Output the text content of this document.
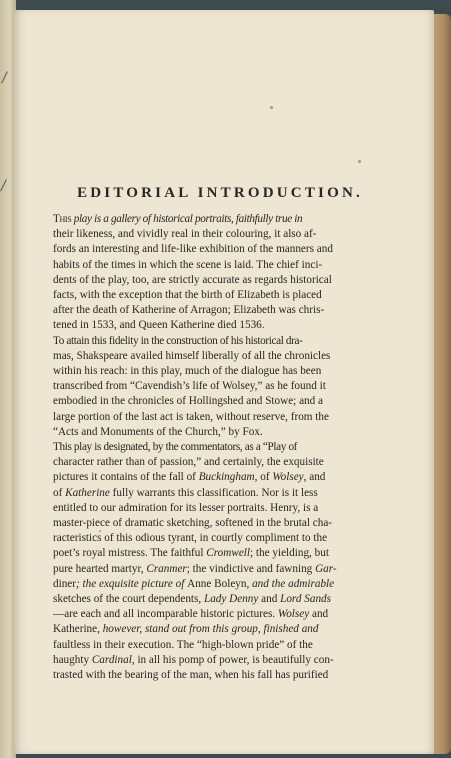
/
/	EDITORIAL INTRODUCTION.

This play is a gallery of historical portraits, faithfully true in
their likeness, and vividly real in their colouring, it also af-
fords an interesting and life-like exhibition of the manners and
habits of the times in which the scene is laid. The chief inci-
dents of the play, too, are strictly accurate as regards historical
facts, with the exception that the birth of Elizabeth is placed
after the death of Katherine of Arragon; Elizabeth was chris-
tened in 1533, and Queen Katherine died 1536.

To attain this fidelity in the construction of his historical dra-
mas, Shakspeare availed himself liberally of all the chronicles
within his reach: in this play, much of the dialogue has been
transcribed from “Cavendish’s life of Wolsey,” as he found it
embodied in the chronicles of Hollingshed and Stowe; and a
large portion of the last act is taken, without reserve, from the
“Acts and Monuments of the Church,” by Fox.

This play is designated, by the commentators, as a “Play of
character rather than of passion,” and certainly, the exquisite
pictures it contains of the fall of Buckingham, of Wolsey, and
of Katherine fully warrants this classification. Nor is it less
entitled to our admiration for its lesser portraits. Henry, is a
master-piece of dramatic sketching, softened in the brutal cha-
racteristics of this odious tyrant, in courtly compliment to the
poet’s royal mistress. The faithful Cromwell; the yielding, but
pure hearted martyr, Cranmer; the vindictive and fawning Gar-
diner; the exquisite picture of Anne Boleyn, and the admirable
sketches of the court dependents, Lady Denny and Lord Sands
—are each and all incomparable historic pictures. Wolsey and
Katherine, however, stand out from this group, finished and
faultless in their execution. The “high-blown pride” of the
haughty Cardinal, in all his pomp of power, is beautifully con-
trasted with the bearing of the man, when his fall has purified
